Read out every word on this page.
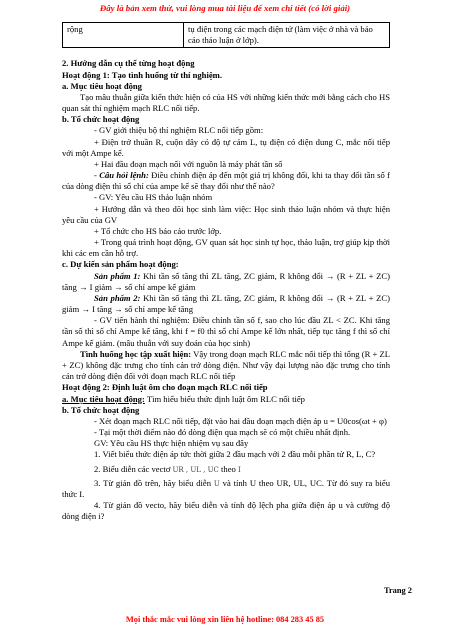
Đây là bản xem thử, vui lòng mua tài liệu để xem chi tiết (có lời giải)
rộng	tụ điện trong các mạch điện tử (làm việc ở nhà và báo cáo thảo luận ở lớp).

2. Hướng dẫn cụ thể từng hoạt động

Hoạt động 1: Tạo tình huống từ thí nghiệm.

a. Mục tiêu hoạt động

Tạo mâu thuẫn giữa kiến thức hiện có của HS với những kiến thức mới bằng cách cho HS quan sát thí nghiệm mạch RLC nối tiếp.

b. Tổ chức hoạt động

- GV giới thiệu bộ thí nghiệm RLC nối tiếp gồm:

+ Điện trở thuần R, cuộn dây có độ tự cảm L, tụ điện có điện dung C, mắc nối tiếp với một Ampe kế.

+ Hai đầu đoạn mạch nối với nguồn là máy phát tần số

- Câu hỏi lệnh: Điều chỉnh điện áp đến một giá trị không đổi, khi ta thay đổi tần số f của dòng điện thì số chỉ của ampe kế sẽ thay đổi như thế nào?

- GV: Yêu cầu HS thảo luận nhóm

+ Hướng dẫn và theo dõi học sinh làm việc: Học sinh thảo luận nhóm và thực hiện yêu cầu của GV

+ Tổ chức cho HS báo cáo trước lớp.

+ Trong quá trình hoạt động, GV quan sát học sinh tự học, thảo luận, trợ giúp kịp thời khi các em cần hỗ trợ.

c. Dự kiến sản phẩm hoạt động:

Sản phẩm 1: Khi tần số tăng thì ZL tăng, ZC giảm, R không đổi → (R + ZL + ZC) tăng → I giảm → số chỉ ampe kế giảm

Sản phẩm 2: Khi tần số tăng thì ZL tăng, ZC giảm, R không đổi → (R + ZL + ZC) giảm → I tăng → số chỉ ampe kế tăng

- GV tiến hành thí nghiệm: Điều chỉnh tần số f, sao cho lúc đầu ZL < ZC. Khi tăng tần số thì số chỉ Ampe kế tăng, khi f = f0 thì số chỉ Ampe kế lớn nhất, tiếp tục tăng f thì số chỉ Ampe kế giảm. (mâu thuẫn với suy đoán của học sinh)

Tình huống học tập xuất hiện: Vậy trong đoạn mạch RLC mắc nối tiếp thì tổng (R + ZL + ZC) không đặc trưng cho tính cản trở dòng điện. Như vậy đại lượng nào đặc trưng cho tính cản trở dòng điện đối với đoạn mạch RLC nối tiếp

Hoạt động 2: Định luật ôm cho đoạn mạch RLC nối tiếp

a. Mục tiêu hoạt động: Tìm hiểu biểu thức định luật ôm RLC nối tiếp

b. Tổ chức hoạt động

- Xét đoạn mạch RLC nối tiếp, đặt vào hai đầu đoạn mạch điện áp u = U0cos(ωt + φ)

- Tại một thời điểm nào đó dòng điện qua mạch sẽ có một chiều nhất định.

GV: Yêu cầu HS thực hiện nhiệm vụ sau đây

1. Viết biểu thức điện áp tức thời giữa 2 đầu mạch với 2 đầu mỗi phần tử R, L, C?

2. Biểu diễn các vectơ UR , UL , UC theo I

3. Từ giản đồ trên, hãy biểu diễn U và tính U theo UR, UL, UC. Từ đó suy ra biểu thức I.

4. Từ giản đồ vecto, hãy biểu diễn và tính độ lệch pha giữa điện áp u và cường độ dòng điện i?

Trang 2
Mọi thắc mắc vui lòng xin liên hệ hotline: 084 283 45 85
